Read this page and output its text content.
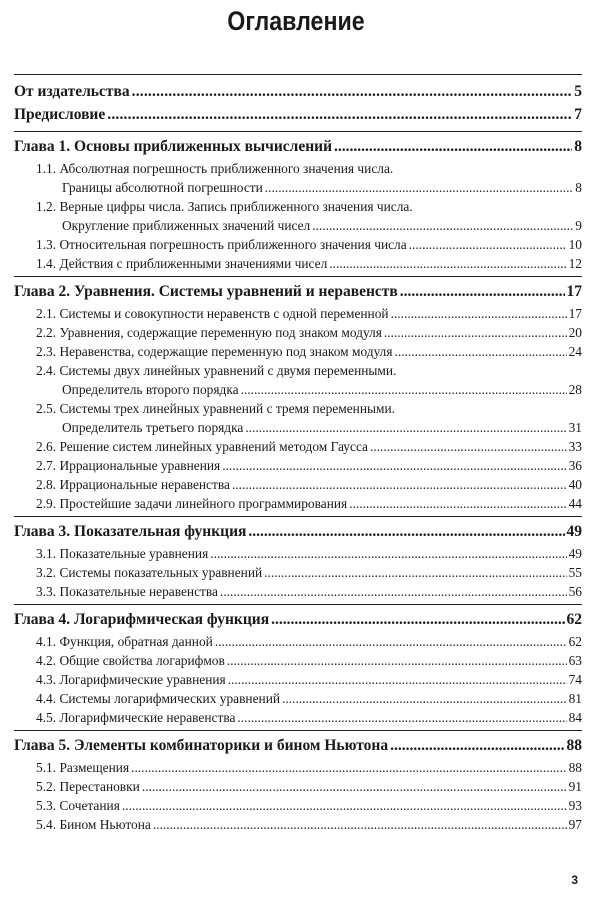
Оглавление
От издательства .....	5
Предисловие .....	7
Глава 1. Основы приближенных вычислений .....	8
1.1. Абсолютная погрешность приближенного значения числа.
Границы абсолютной погрешности .....	8
1.2. Верные цифры числа. Запись приближенного значения числа.
Округление приближенных значений чисел .....	9
1.3. Относительная погрешность приближенного значения числа .....	10
1.4. Действия с приближенными значениями чисел .....	12
Глава 2. Уравнения. Системы уравнений и неравенств .....	17
2.1. Системы и совокупности неравенств с одной переменной .....	17
2.2. Уравнения, содержащие переменную под знаком модуля .....	20
2.3. Неравенства, содержащие переменную под знаком модуля .....	24
2.4. Системы двух линейных уравнений с двумя переменными.
Определитель второго порядка .....	28
2.5. Системы трех линейных уравнений с тремя переменными.
Определитель третьего порядка .....	31
2.6. Решение систем линейных уравнений методом Гаусса .....	33
2.7. Иррациональные уравнения .....	36
2.8. Иррациональные неравенства .....	40
2.9. Простейшие задачи линейного программирования .....	44
Глава 3. Показательная функция .....	49
3.1. Показательные уравнения .....	49
3.2. Системы показательных уравнений .....	55
3.3. Показательные неравенства .....	56
Глава 4. Логарифмическая функция .....	62
4.1. Функция, обратная данной .....	62
4.2. Общие свойства логарифмов .....	63
4.3. Логарифмические уравнения .....	74
4.4. Системы логарифмических уравнений .....	81
4.5. Логарифмические неравенства .....	84
Глава 5. Элементы комбинаторики и бином Ньютона .....	88
5.1. Размещения .....	88
5.2. Перестановки .....	91
5.3. Сочетания .....	93
5.4. Бином Ньютона .....	97
3
